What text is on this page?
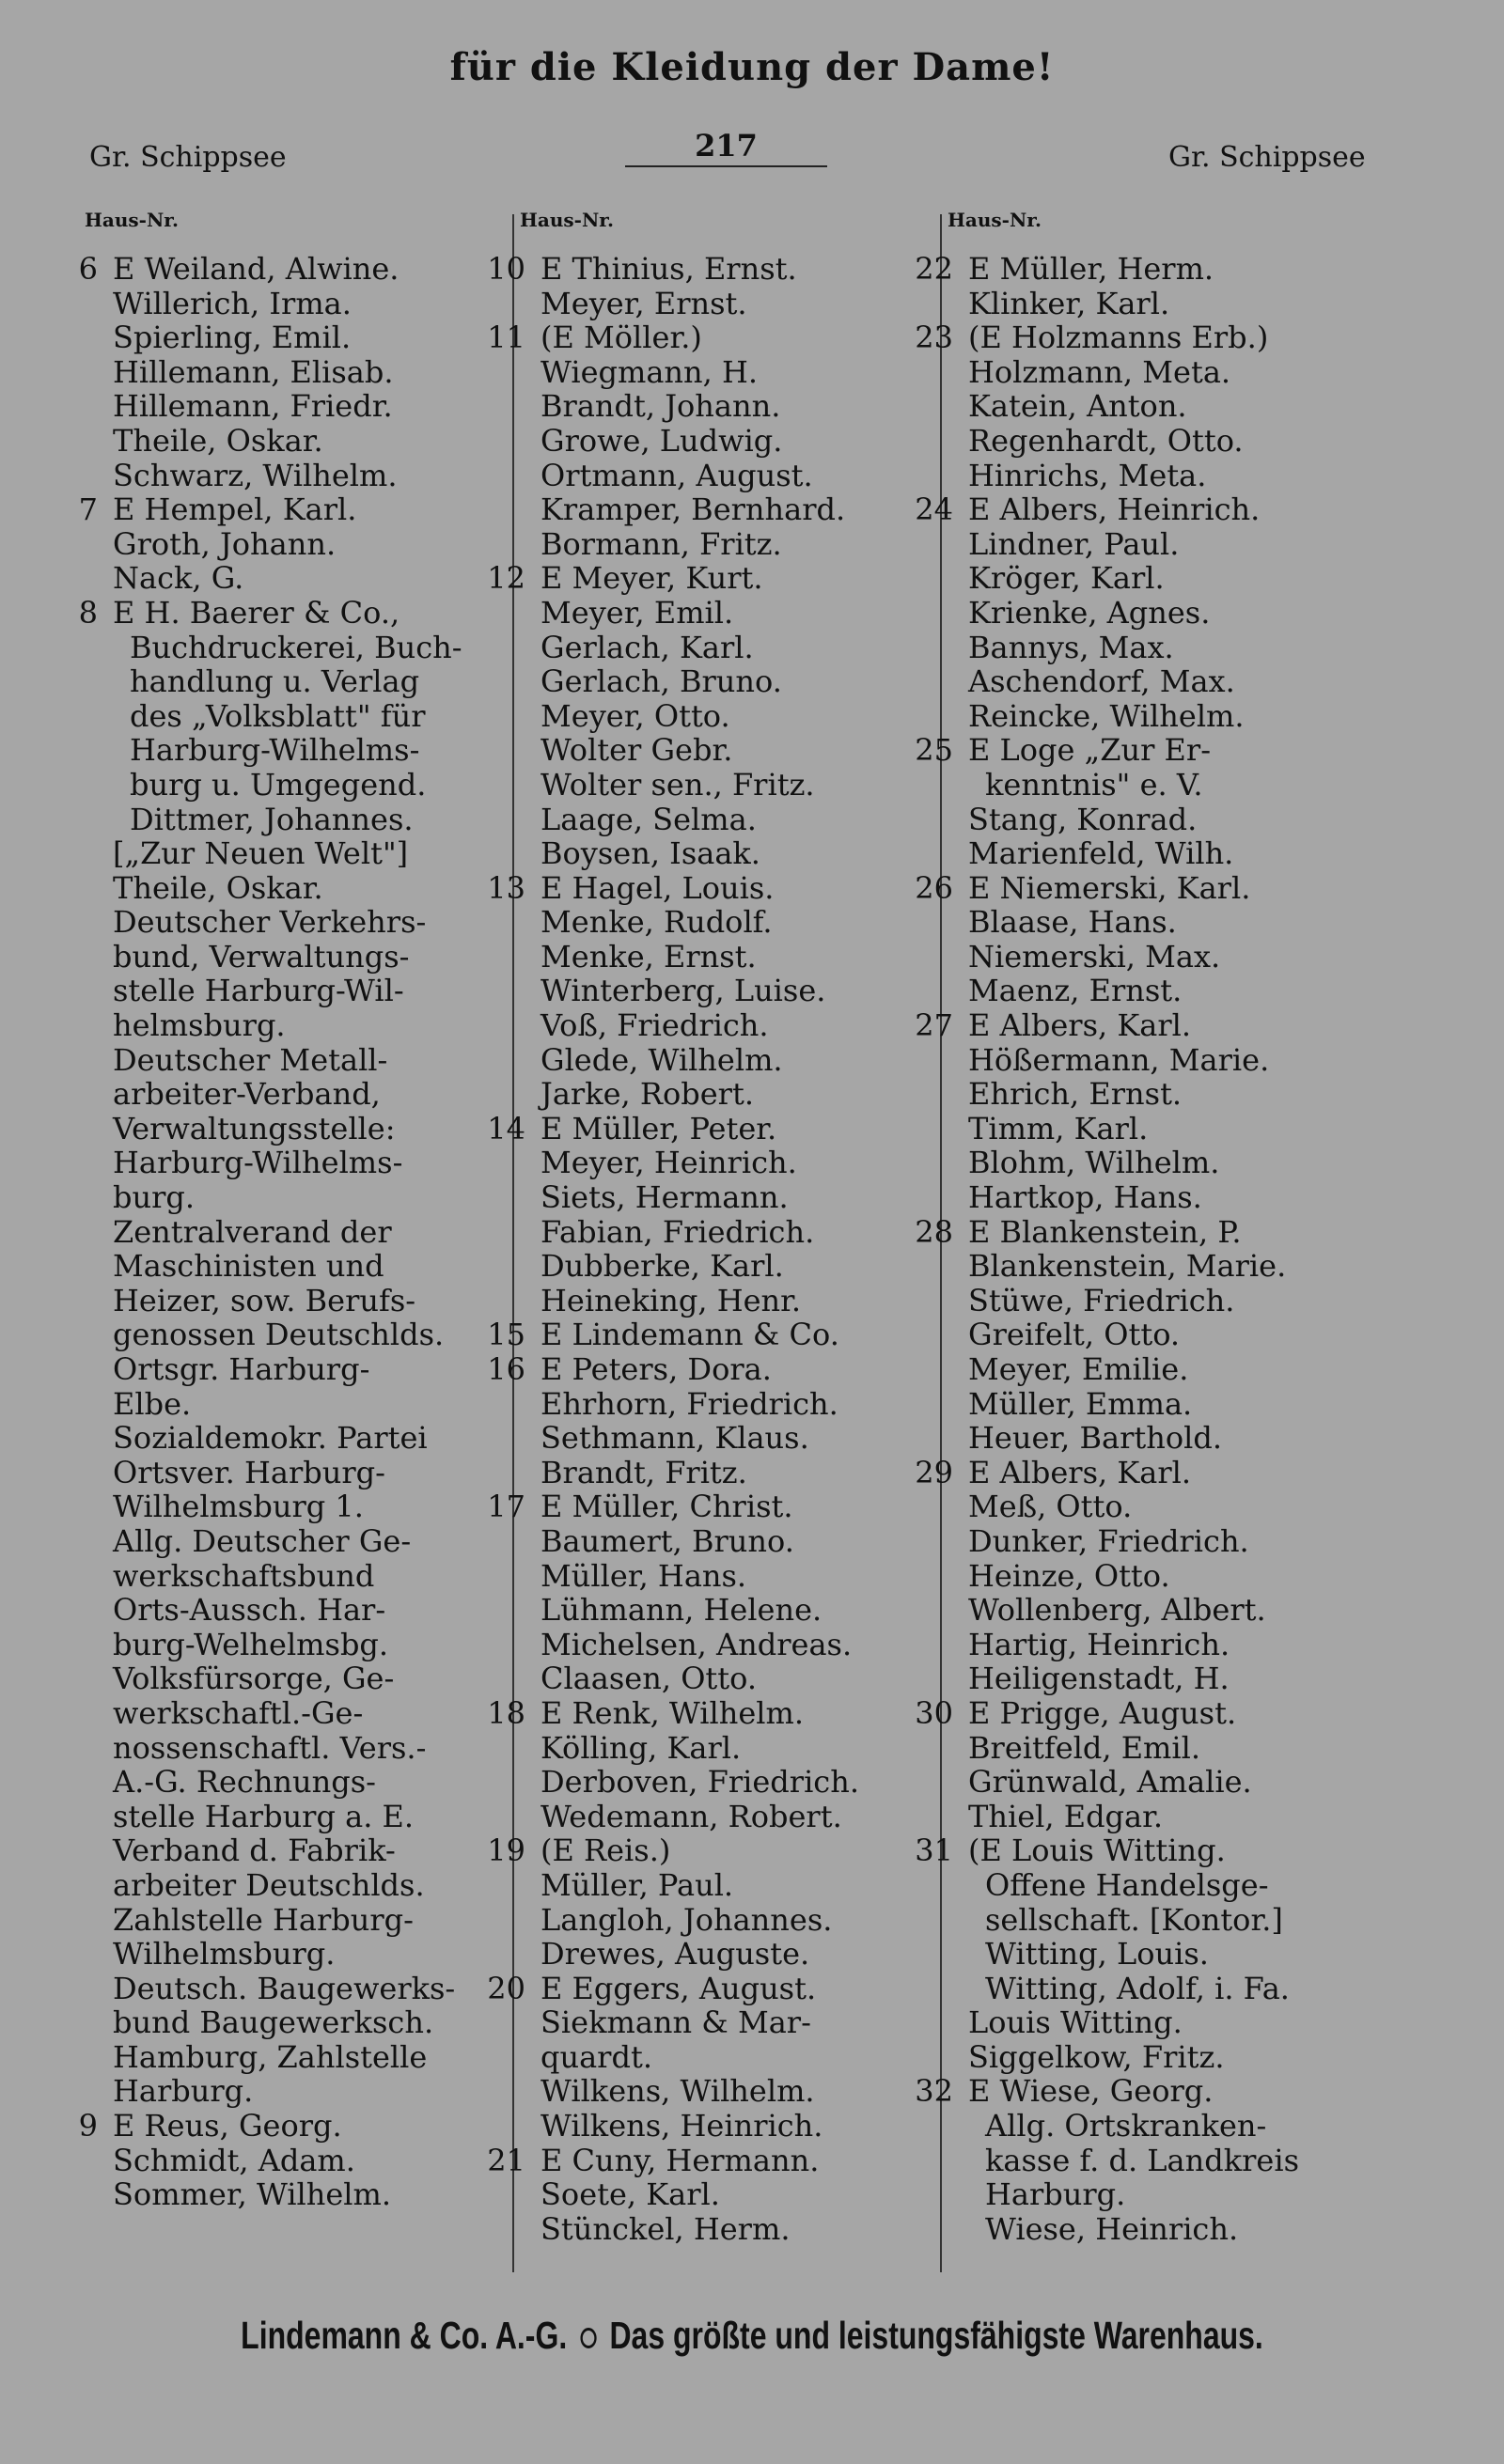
für die Kleidung der Dame!
Gr. Schippsee	217	Gr. Schippsee
Haus-Nr.
6 E Weiland, Alwine.
Willerich, Irma.
Spierling, Emil.
Hillemann, Elisab.
Hillemann, Friedr.
Theile, Oskar.
Schwarz, Wilhelm.
7 E Hempel, Karl.
Groth, Johann.
Nack, G.
8 E H. Baerer & Co.,
Buchdruckerei, Buch-
handlung u. Verlag
des „Volksblatt" für
Harburg-Wilhelms-
burg u. Umgegend.
Dittmer, Johannes.
[„Zur Neuen Welt"]
Theile, Oskar.
Deutscher Verkehrs-
bund, Verwaltungs-
stelle Harburg-Wil-
helmsburg.
Deutscher Metall-
arbeiter-Verband,
Verwaltungsstelle:
Harburg-Wilhelms-
burg.
Zentralverand der
Maschinisten und
Heizer, sow. Berufs-
genossen Deutschlds.
Ortsgr. Harburg-
Elbe.
Sozialdemokr. Partei
Ortsver. Harburg-
Wilhelmsburg 1.
Allg. Deutscher Ge-
werkschaftsbund
Orts-Aussch. Har-
burg-Welhelmsbg.
Volksfürsorge, Ge-
werkschaftl.-Ge-
nossenschaftl. Vers.-
A.-G. Rechnungs-
stelle Harburg a. E.
Verband d. Fabrik-
arbeiter Deutschlds.
Zahlstelle Harburg-
Wilhelmsburg.
Deutsch. Baugewerks-
bund Baugewerksch.
Hamburg, Zahlstelle
Harburg.
9 E Reus, Georg.
Schmidt, Adam.
Sommer, Wilhelm.
Haus-Nr.
10 E Thinius, Ernst.
Meyer, Ernst.
11 (E Möller.)
Wiegmann, H.
Brandt, Johann.
Growe, Ludwig.
Ortmann, August.
Kramper, Bernhard.
Bormann, Fritz.
12 E Meyer, Kurt.
Meyer, Emil.
Gerlach, Karl.
Gerlach, Bruno.
Meyer, Otto.
Wolter Gebr.
Wolter sen., Fritz.
Laage, Selma.
Boysen, Isaak.
13 E Hagel, Louis.
Menke, Rudolf.
Menke, Ernst.
Winterberg, Luise.
Voß, Friedrich.
Glede, Wilhelm.
Jarke, Robert.
14 E Müller, Peter.
Meyer, Heinrich.
Siets, Hermann.
Fabian, Friedrich.
Dubberke, Karl.
Heineking, Henr.
15 E Lindemann & Co.
16 E Peters, Dora.
Ehrhorn, Friedrich.
Sethmann, Klaus.
Brandt, Fritz.
17 E Müller, Christ.
Baumert, Bruno.
Müller, Hans.
Lühmann, Helene.
Michelsen, Andreas.
Claasen, Otto.
18 E Renk, Wilhelm.
Kölling, Karl.
Derboven, Friedrich.
Wedemann, Robert.
19 (E Reis.)
Müller, Paul.
Langloh, Johannes.
Drewes, Auguste.
20 E Eggers, August.
Siekmann & Mar-
quardt.
Wilkens, Wilhelm.
Wilkens, Heinrich.
21 E Cuny, Hermann.
Soete, Karl.
Stünckel, Herm.
Haus-Nr.
22 E Müller, Herm.
Klinker, Karl.
23 (E Holzmanns Erb.)
Holzmann, Meta.
Katein, Anton.
Regenhardt, Otto.
Hinrichs, Meta.
24 E Albers, Heinrich.
Lindner, Paul.
Kröger, Karl.
Krienke, Agnes.
Bannys, Max.
Aschendorf, Max.
Reincke, Wilhelm.
25 E Loge „Zur Er-
kenntnis" e. V.
Stang, Konrad.
Marienfeld, Wilh.
26 E Niemerski, Karl.
Blaase, Hans.
Niemerski, Max.
Maenz, Ernst.
27 E Albers, Karl.
Hößermann, Marie.
Ehrich, Ernst.
Timm, Karl.
Blohm, Wilhelm.
Hartkop, Hans.
28 E Blankenstein, P.
Blankenstein, Marie.
Stüwe, Friedrich.
Greifelt, Otto.
Meyer, Emilie.
Müller, Emma.
Heuer, Barthold.
29 E Albers, Karl.
Meß, Otto.
Dunker, Friedrich.
Heinze, Otto.
Wollenberg, Albert.
Hartig, Heinrich.
Heiligenstadt, H.
30 E Prigge, August.
Breitfeld, Emil.
Grünwald, Amalie.
Thiel, Edgar.
31 (E Louis Witting.
Offene Handelsge-
sellschaft. [Kontor.]
Witting, Louis.
Witting, Adolf, i. Fa.
Louis Witting.
Siggelkow, Fritz.
32 E Wiese, Georg.
Allg. Ortskranken-
kasse f. d. Landkreis
Harburg.
Wiese, Heinrich.
Lindemann & Co. A.-G. Das größte und leistungsfähigste Warenhaus.
